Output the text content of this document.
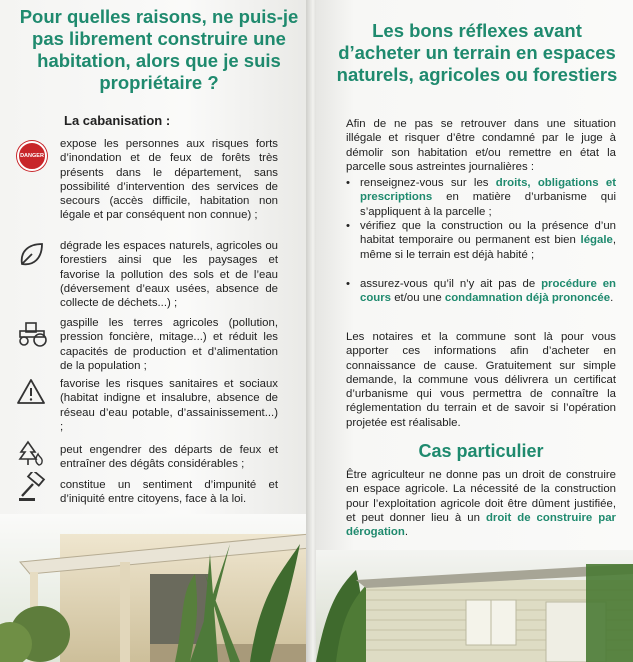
Pour quelles raisons, ne puis-je pas librement construire une habitation, alors que je suis propriétaire ?
La cabanisation :
DANGER
expose les personnes aux risques forts d’inondation et de feux de forêts très présents dans le département, sans possibilité d’intervention des services de secours (accès difficile, habitation non légale et par conséquent non connue) ;
dégrade les espaces naturels, agricoles ou forestiers ainsi que les paysages et favorise la pollution des sols et de l’eau (déversement d’eaux usées, absence de collecte de déchets...) ;
gaspille les terres agricoles (pollution, pression foncière, mitage...) et réduit les capacités de production et d’alimentation de la population ;
favorise les risques sanitaires et sociaux (habitat indigne et insalubre, absence de réseau d’eau potable, d’assainissement...) ;
peut engendrer des départs de feux et entraîner des dégâts considérables ;
constitue un sentiment d’impunité et d’iniquité entre citoyens, face à la loi.
Les bons réflexes avant d’acheter un terrain en espaces naturels, agricoles ou forestiers
Afin de ne pas se retrouver dans une situation illégale et risquer d’être condamné par le juge à démolir son habitation et/ou remettre en état la parcelle sous astreintes journalières :
• renseignez-vous sur les droits, obligations et prescriptions en matière d’urbanisme qui s’appliquent à la parcelle ;
• vérifiez que la construction ou la présence d’un habitat temporaire ou permanent est bien légale, même si le terrain est déjà habité ;
• assurez-vous qu’il n’y ait pas de procédure en cours et/ou une condamnation déjà prononcée.
Les notaires et la commune sont là pour vous apporter ces informations afin d’acheter en connaissance de cause. Gratuitement sur simple demande, la commune vous délivrera un certificat d’urbanisme qui vous permettra de connaître la réglementation du terrain et de savoir si l’opération projetée est réalisable.
Cas particulier
Être agriculteur ne donne pas un droit de construire en espace agricole. La nécessité de la construction pour l’exploitation agricole doit être dûment justifiée, et peut donner lieu à un droit de construire par dérogation.
